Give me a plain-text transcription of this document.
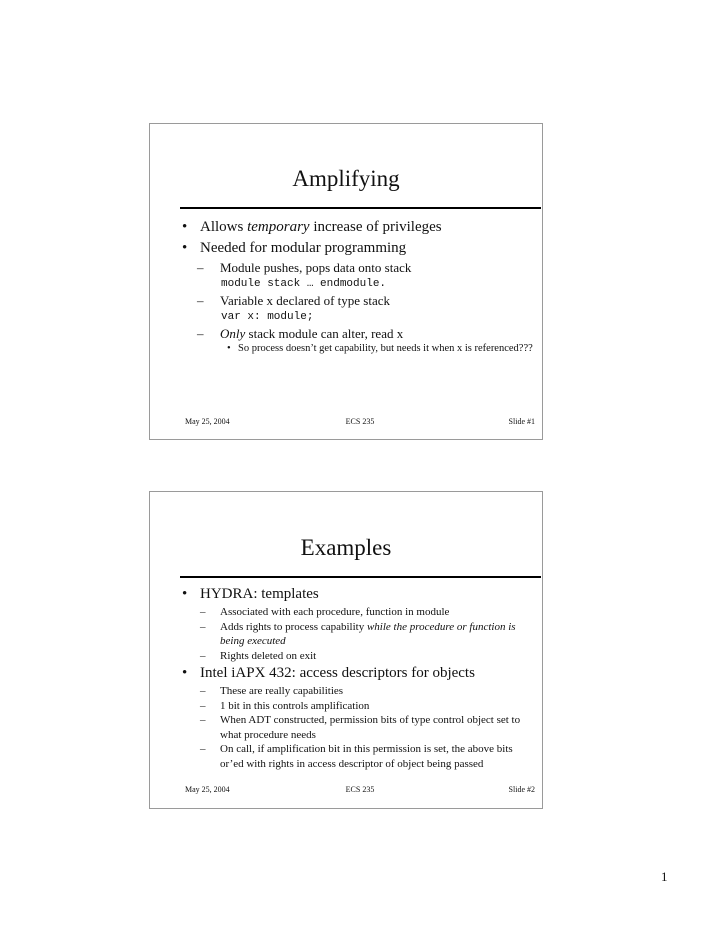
Amplifying
• Allows temporary increase of privileges
• Needed for modular programming
– Module pushes, pops data onto stack
module stack … endmodule.
– Variable x declared of type stack
var x: module;
– Only stack module can alter, read x
• So process doesn’t get capability, but needs it when x is referenced???
May 25, 2004	ECS 235	Slide #1
Examples
• HYDRA: templates
– Associated with each procedure, function in module
– Adds rights to process capability while the procedure or function is being executed
– Rights deleted on exit
• Intel iAPX 432: access descriptors for objects
– These are really capabilities
– 1 bit in this controls amplification
– When ADT constructed, permission bits of type control object set to what procedure needs
– On call, if amplification bit in this permission is set, the above bits or’ed with rights in access descriptor of object being passed
May 25, 2004	ECS 235	Slide #2
1
